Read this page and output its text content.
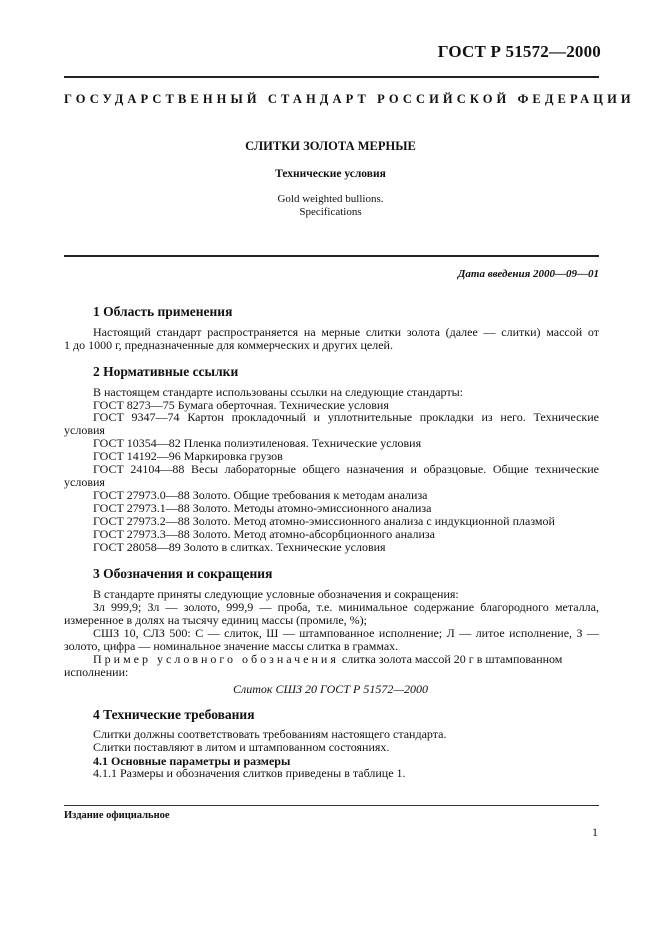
ГОСТ Р 51572—2000
ГОСУДАРСТВЕННЫЙ СТАНДАРТ РОССИЙСКОЙ ФЕДЕРАЦИИ
СЛИТКИ ЗОЛОТА МЕРНЫЕ
Технические условия
Gold weighted bullions.
Specifications
Дата введения 2000—09—01
1 Область применения
Настоящий стандарт распространяется на мерные слитки золота (далее — слитки) массой от
1 до 1000 г, предназначенные для коммерческих и других целей.
2 Нормативные ссылки
В настоящем стандарте использованы ссылки на следующие стандарты:
ГОСТ 8273—75 Бумага оберточная. Технические условия
ГОСТ 9347—74 Картон прокладочный и уплотнительные прокладки из него. Технические
условия
ГОСТ 10354—82 Пленка полиэтиленовая. Технические условия
ГОСТ 14192—96 Маркировка грузов
ГОСТ 24104—88 Весы лабораторные общего назначения и образцовые. Общие технические
условия
ГОСТ 27973.0—88 Золото. Общие требования к методам анализа
ГОСТ 27973.1—88 Золото. Методы атомно-эмиссионного анализа
ГОСТ 27973.2—88 Золото. Метод атомно-эмиссионного анализа с индукционной плазмой
ГОСТ 27973.3—88 Золото. Метод атомно-абсорбционного анализа
ГОСТ 28058—89 Золото в слитках. Технические условия
3 Обозначения и сокращения
В стандарте приняты следующие условные обозначения и сокращения:
Зл 999,9; Зл — золото, 999,9 — проба, т.е. минимальное содержание благородного металла,
измеренное в долях на тысячу единиц массы (промиле, %);
СШЗ 10, СЛЗ 500: С — слиток, Ш — штампованное исполнение; Л — литое исполнение, З —
золото, цифра — номинальное значение массы слитка в граммах.
Пример условного обозначения слитка золота массой 20 г в штампованном
исполнении:
Слиток СШЗ 20 ГОСТ Р 51572—2000
4 Технические требования
Слитки должны соответствовать требованиям настоящего стандарта.
Слитки поставляют в литом и штампованном состояниях.
4.1 Основные параметры и размеры
4.1.1 Размеры и обозначения слитков приведены в таблице 1.
Издание официальное
1
